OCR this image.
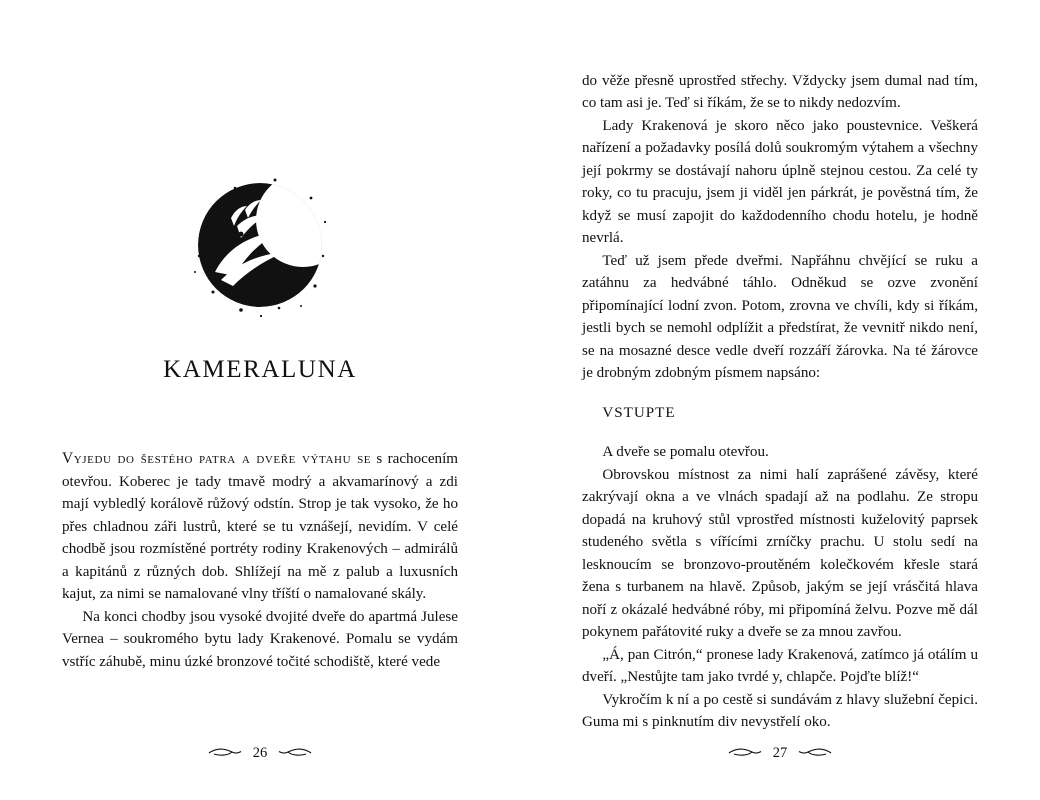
KAMERALUNA

Vyjedu do šestého patra a dveře výtahu se s rachocením otevřou. Koberec je tady tmavě modrý a akvamarínový a zdi mají vybledlý korálově růžový odstín. Strop je tak vysoko, že ho přes chladnou záři lustrů, které se tu vznášejí, nevidím. V celé chodbě jsou rozmístěné portréty rodiny Krakenových – admirálů a kapitánů z různých dob. Shlížejí na mě z palub a luxusních kajut, za nimi se namalované vlny tříští o namalované skály.

Na konci chodby jsou vysoké dvojité dveře do apartmá Julese Vernea – soukromého bytu lady Krakenové. Pomalu se vydám vstříc záhubě, minu úzké bronzové točité schodiště, které vede

26

do věže přesně uprostřed střechy. Vždycky jsem dumal nad tím, co tam asi je. Teď si říkám, že se to nikdy nedozvím.

Lady Krakenová je skoro něco jako poustevnice. Veškerá nařízení a požadavky posílá dolů soukromým výtahem a všechny její pokrmy se dostávají nahoru úplně stejnou cestou. Za celé ty roky, co tu pracuju, jsem ji viděl jen párkrát, je pověstná tím, že když se musí zapojit do každodenního chodu hotelu, je hodně nevrlá.

Teď už jsem přede dveřmi. Napřáhnu chvějící se ruku a zatáhnu za hedvábné táhlo. Odněkud se ozve zvonění připomínající lodní zvon. Potom, zrovna ve chvíli, kdy si říkám, jestli bych se nemohl odplížit a předstírat, že vevnitř nikdo není, se na mosazné desce vedle dveří rozzáří žárovka. Na té žárovce je drobným zdobným písmem napsáno:

VSTUPTE

A dveře se pomalu otevřou.

Obrovskou místnost za nimi halí zaprášené závěsy, které zakrývají okna a ve vlnách spadají až na podlahu. Ze stropu dopadá na kruhový stůl vprostřed místnosti kuželovitý paprsek studeného světla s vířícími zrníčky prachu. U stolu sedí na lesknoucím se bronzovo-proutěném kolečkovém křesle stará žena s turbanem na hlavě. Způsob, jakým se její vrásčitá hlava noří z okázalé hedvábné róby, mi připomíná želvu. Pozve mě dál pokynem pařátovité ruky a dveře se za mnou zavřou.

„Á, pan Citrón,“ pronese lady Krakenová, zatímco já otálím u dveří. „Nestůjte tam jako tvrdé y, chlapče. Pojďte blíž!“

Vykročím k ní a po cestě si sundávám z hlavy služební čepici. Guma mi s pinknutím div nevystřelí oko.

27
